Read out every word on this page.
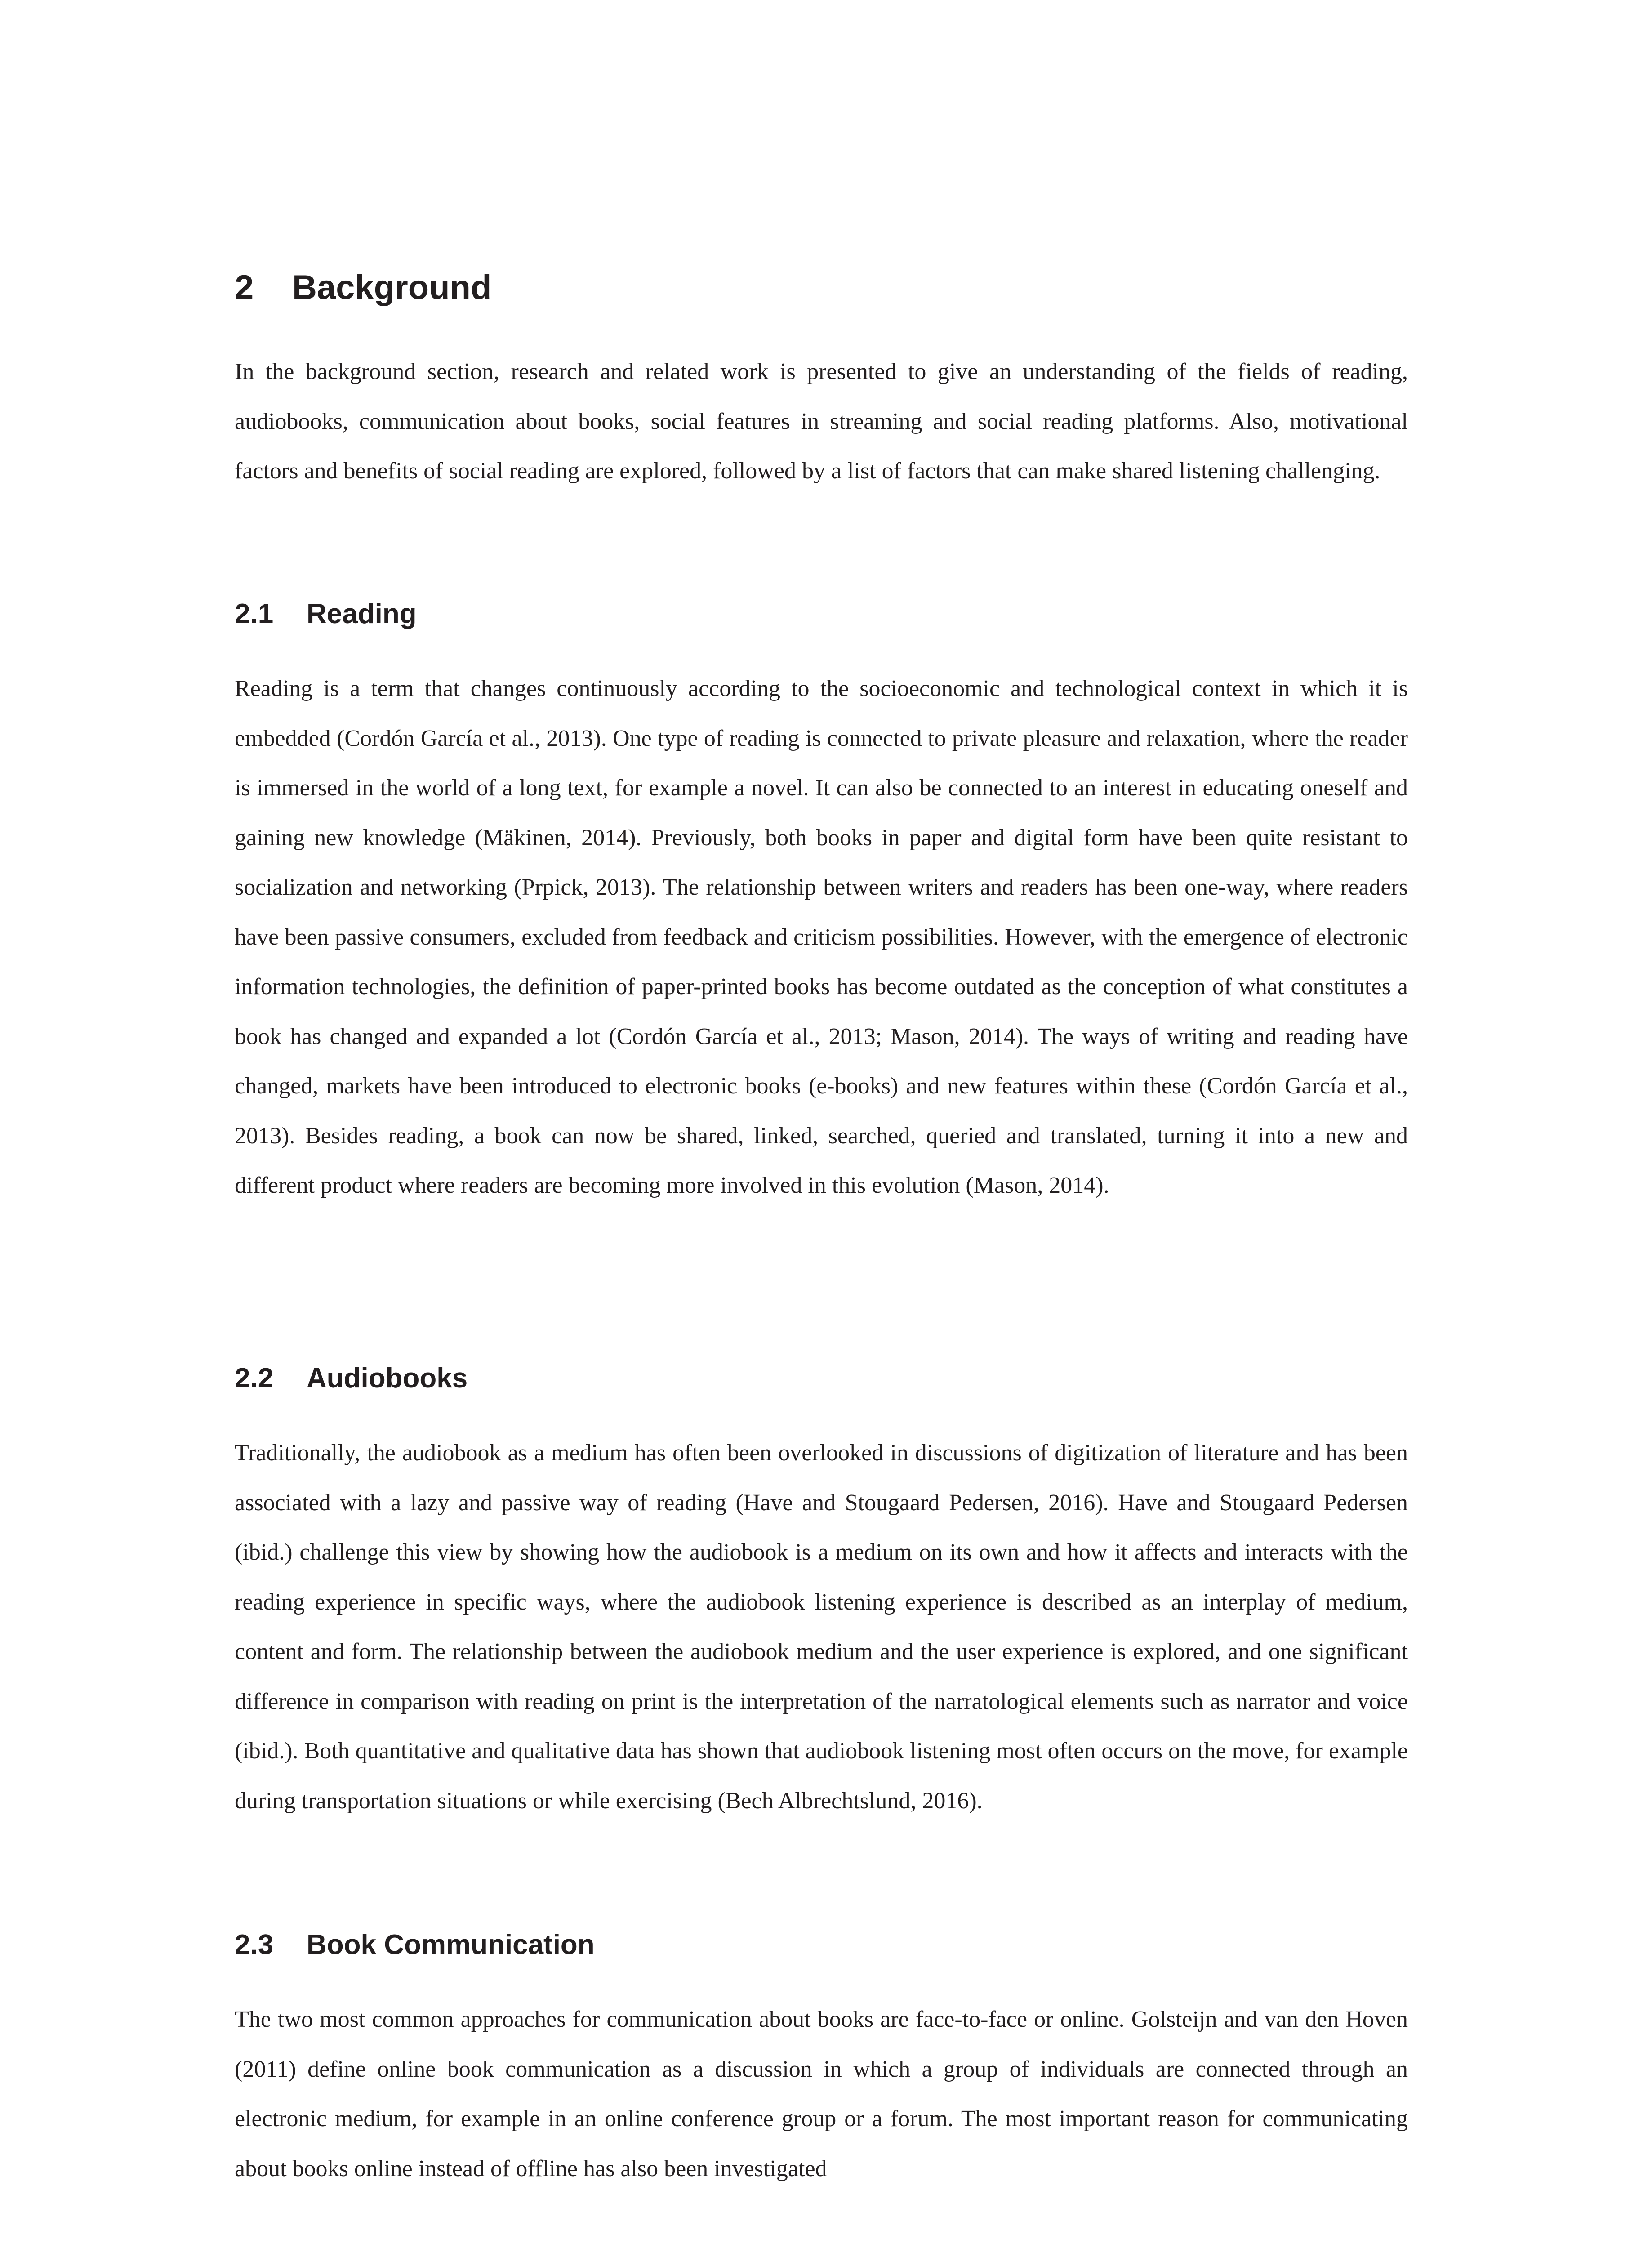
2 Background

In the background section, research and related work is presented to give an understanding of the fields of reading, audiobooks, communication about books, social features in streaming and social reading platforms. Also, motivational factors and benefits of social reading are explored, followed by a list of factors that can make shared listening challenging.

2.1 Reading

Reading is a term that changes continuously according to the socioeconomic and technological context in which it is embedded (Cordón García et al., 2013). One type of reading is connected to private pleasure and relaxation, where the reader is immersed in the world of a long text, for example a novel. It can also be connected to an interest in educating oneself and gaining new knowledge (Mäkinen, 2014). Previously, both books in paper and digital form have been quite resistant to socialization and networking (Prpick, 2013). The relationship between writers and readers has been one-way, where readers have been passive consumers, excluded from feedback and criticism possibilities. However, with the emergence of electronic information technologies, the definition of paper-printed books has become outdated as the conception of what constitutes a book has changed and expanded a lot (Cordón García et al., 2013; Mason, 2014). The ways of writing and reading have changed, markets have been introduced to electronic books (e-books) and new features within these (Cordón García et al., 2013). Besides reading, a book can now be shared, linked, searched, queried and translated, turning it into a new and different product where readers are becoming more involved in this evolution (Mason, 2014).

2.2 Audiobooks

Traditionally, the audiobook as a medium has often been overlooked in discussions of digitization of literature and has been associated with a lazy and passive way of reading (Have and Stougaard Pedersen, 2016). Have and Stougaard Pedersen (ibid.) challenge this view by showing how the audiobook is a medium on its own and how it affects and interacts with the reading experience in specific ways, where the audiobook listening experience is described as an interplay of medium, content and form. The relationship between the audiobook medium and the user experience is explored, and one significant difference in comparison with reading on print is the interpretation of the narratological elements such as narrator and voice (ibid.). Both quantitative and qualitative data has shown that audiobook listening most often occurs on the move, for example during transportation situations or while exercising (Bech Albrechtslund, 2016).

2.3 Book Communication

The two most common approaches for communication about books are face-to-face or online. Golsteijn and van den Hoven (2011) define online book communication as a discussion in which a group of individuals are connected through an electronic medium, for example in an online conference group or a forum. The most important reason for communicating about books online instead of offline has also been investigated
